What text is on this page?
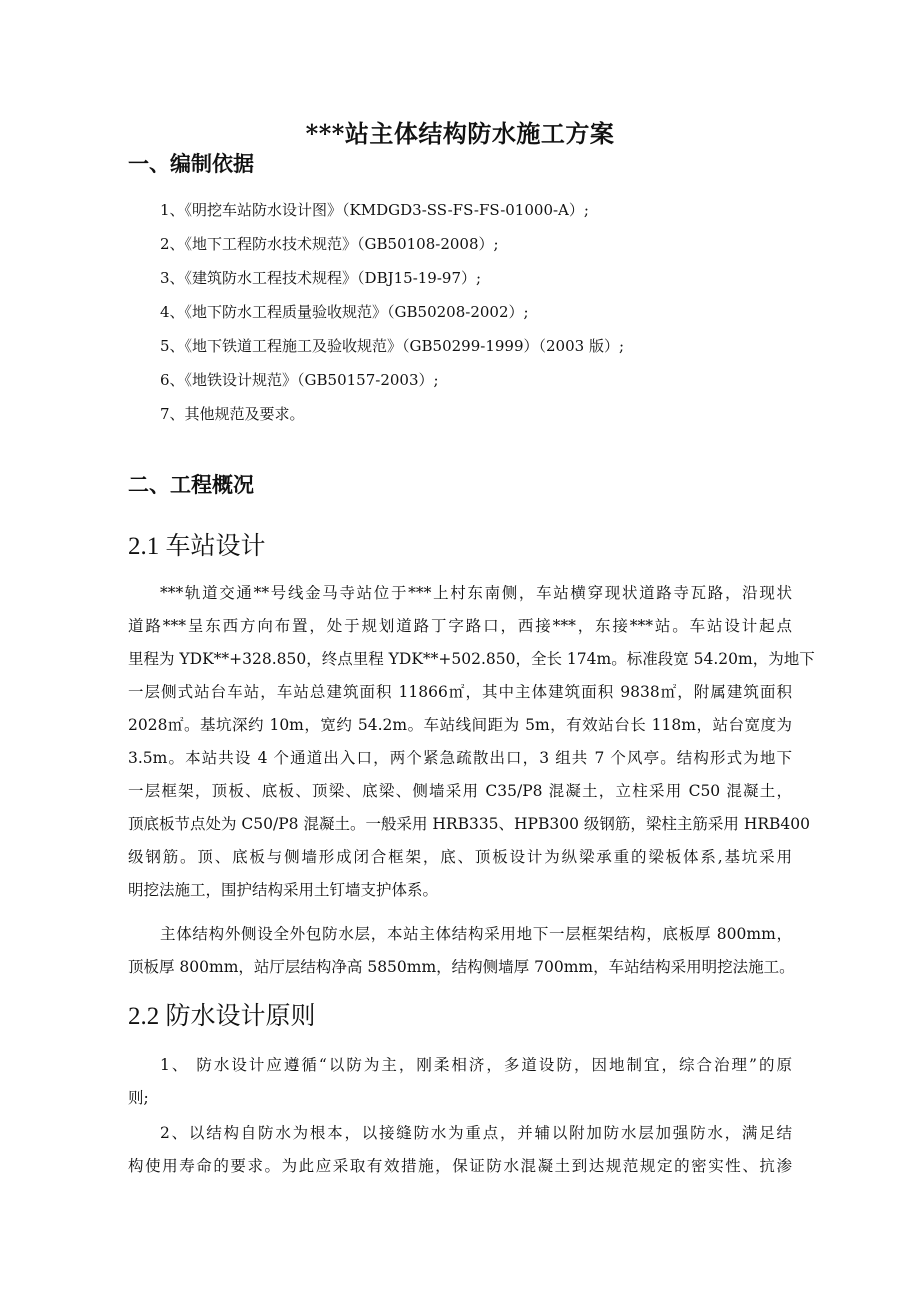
***站主体结构防水施工方案
一、编制依据
1、《明挖车站防水设计图》（KMDGD3-SS-FS-FS-01000-A）;
2、《地下工程防水技术规范》（GB50108-2008）;
3、《建筑防水工程技术规程》（DBJ15-19-97）;
4、《地下防水工程质量验收规范》（GB50208-2002）;
5、《地下铁道工程施工及验收规范》（GB50299-1999）（2003 版）;
6、《地铁设计规范》（GB50157-2003）;
7、其他规范及要求。
二、工程概况
2.1 车站设计
***轨道交通**号线金马寺站位于***上村东南侧，车站横穿现状道路寺瓦路，沿现状
道路***呈东西方向布置，处于规划道路丁字路口，西接***，东接***站。车站设计起点
里程为 YDK**+328.850，终点里程 YDK**+502.850，全长 174m。标准段宽 54.20m，为地下
一层侧式站台车站，车站总建筑面积 11866㎡，其中主体建筑面积 9838㎡，附属建筑面积
2028㎡。基坑深约 10m，宽约 54.2m。车站线间距为 5m，有效站台长 118m，站台宽度为
3.5m。本站共设 4 个通道出入口，两个紧急疏散出口，3 组共 7 个风亭。结构形式为地下
一层框架，顶板、底板、顶梁、底梁、侧墙采用 C35/P8 混凝土，立柱采用 C50 混凝土，
顶底板节点处为 C50/P8 混凝土。一般采用 HRB335、HPB300 级钢筋，梁柱主筋采用 HRB400
级钢筋。顶、底板与侧墙形成闭合框架，底、顶板设计为纵梁承重的梁板体系,基坑采用
明挖法施工，围护结构采用土钉墙支护体系。
主体结构外侧设全外包防水层，本站主体结构采用地下一层框架结构，底板厚 800mm，
顶板厚 800mm，站厅层结构净高 5850mm，结构侧墙厚 700mm，车站结构采用明挖法施工。
2.2 防水设计原则
1、 防水设计应遵循“以防为主，刚柔相济，多道设防，因地制宜，综合治理”的原
则;
2、以结构自防水为根本，以接缝防水为重点，并辅以附加防水层加强防水，满足结
构使用寿命的要求。为此应采取有效措施，保证防水混凝土到达规范规定的密实性、抗渗
